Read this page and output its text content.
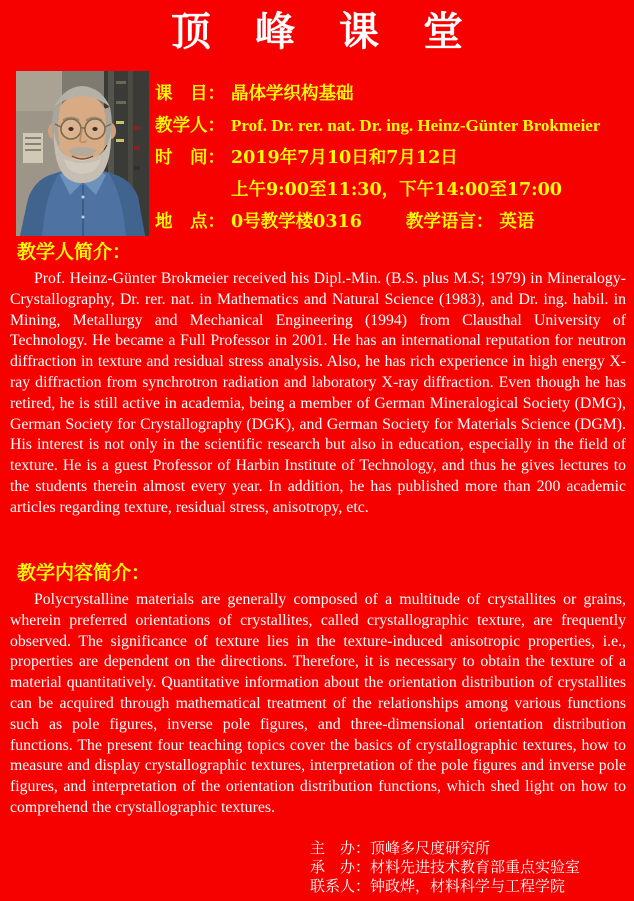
顶峰课堂
课　目： 晶体学织构基础
教学人： Prof. Dr. rer. nat. Dr. ing. Heinz-Günter Brokmeier
时　间： 2019年7月10日和7月12日
上午9:00至11:30，下午14:00至17:00
地　点： 0号教学楼0316	教学语言： 英语
教学人简介：

Prof. Heinz-Günter Brokmeier received his Dipl.-Min. (B.S. plus M.S; 1979) in Mineralogy-Crystallography, Dr. rer. nat. in Mathematics and Natural Science (1983), and Dr. ing. habil. in Mining, Metallurgy and Mechanical Engineering (1994) from Clausthal University of Technology. He became a Full Professor in 2001. He has an international reputation for neutron diffraction in texture and residual stress analysis. Also, he has rich experience in high energy X-ray diffraction from synchrotron radiation and laboratory X-ray diffraction. Even though he has retired, he is still active in academia, being a member of German Mineralogical Society (DMG), German Society for Crystallography (DGK), and German Society for Materials Science (DGM). His interest is not only in the scientific research but also in education, especially in the field of texture. He is a guest Professor of Harbin Institute of Technology, and thus he gives lectures to the students therein almost every year. In addition, he has published more than 200 academic articles regarding texture, residual stress, anisotropy, etc.

教学内容简介：

Polycrystalline materials are generally composed of a multitude of crystallites or grains, wherein preferred orientations of crystallites, called crystallographic texture, are frequently observed. The significance of texture lies in the texture-induced anisotropic properties, i.e., properties are dependent on the directions. Therefore, it is necessary to obtain the texture of a material quantitatively. Quantitative information about the orientation distribution of crystallites can be acquired through mathematical treatment of the relationships among various functions such as pole figures, inverse pole figures, and three-dimensional orientation distribution functions. The present four teaching topics cover the basics of crystallographic textures, how to measure and display crystallographic textures, interpretation of the pole figures and inverse pole figures, and interpretation of the orientation distribution functions, which shed light on how to comprehend the crystallographic textures.

主　办：顶峰多尺度研究所
承　办：材料先进技术教育部重点实验室
联系人：钟政烨，材料科学与工程学院
